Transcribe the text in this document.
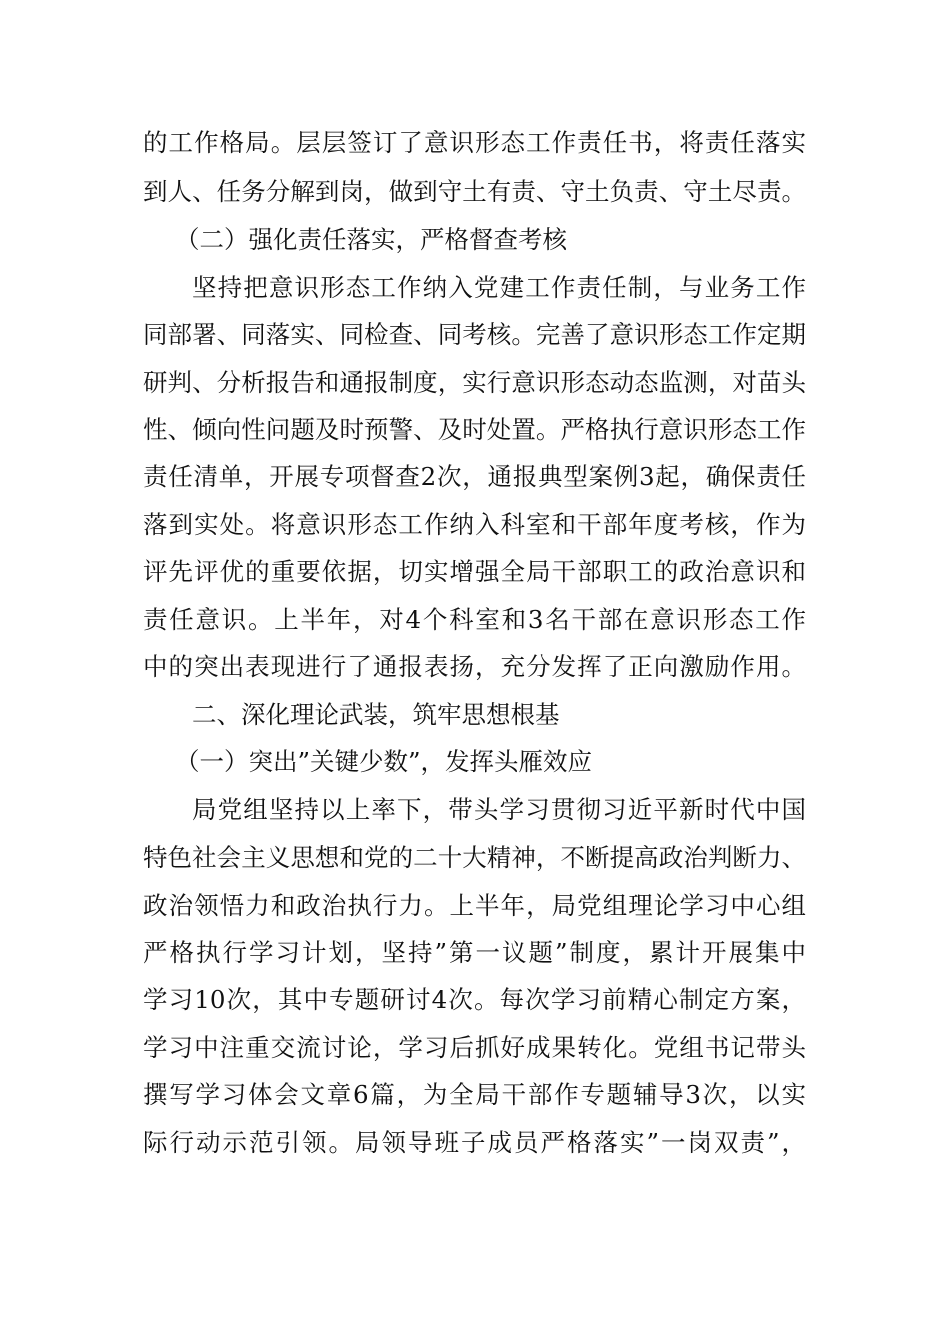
的工作格局。层层签订了意识形态工作责任书，将责任落实
到人、任务分解到岗，做到守土有责、守土负责、守土尽责。
（二）强化责任落实，严格督查考核
坚持把意识形态工作纳入党建工作责任制，与业务工作
同部署、同落实、同检查、同考核。完善了意识形态工作定期
研判、分析报告和通报制度，实行意识形态动态监测，对苗头
性、倾向性问题及时预警、及时处置。严格执行意识形态工作
责任清单，开展专项督查2次，通报典型案例3起，确保责任
落到实处。将意识形态工作纳入科室和干部年度考核，作为
评先评优的重要依据，切实增强全局干部职工的政治意识和
责任意识。上半年，对4个科室和3名干部在意识形态工作
中的突出表现进行了通报表扬，充分发挥了正向激励作用。
二、深化理论武装，筑牢思想根基
（一）突出”关键少数”，发挥头雁效应
局党组坚持以上率下，带头学习贯彻习近平新时代中国
特色社会主义思想和党的二十大精神，不断提高政治判断力、
政治领悟力和政治执行力。上半年，局党组理论学习中心组
严格执行学习计划，坚持”第一议题”制度，累计开展集中
学习10次，其中专题研讨4次。每次学习前精心制定方案，
学习中注重交流讨论，学习后抓好成果转化。党组书记带头
撰写学习体会文章6篇，为全局干部作专题辅导3次，以实
际行动示范引领。局领导班子成员严格落实”一岗双责”，
